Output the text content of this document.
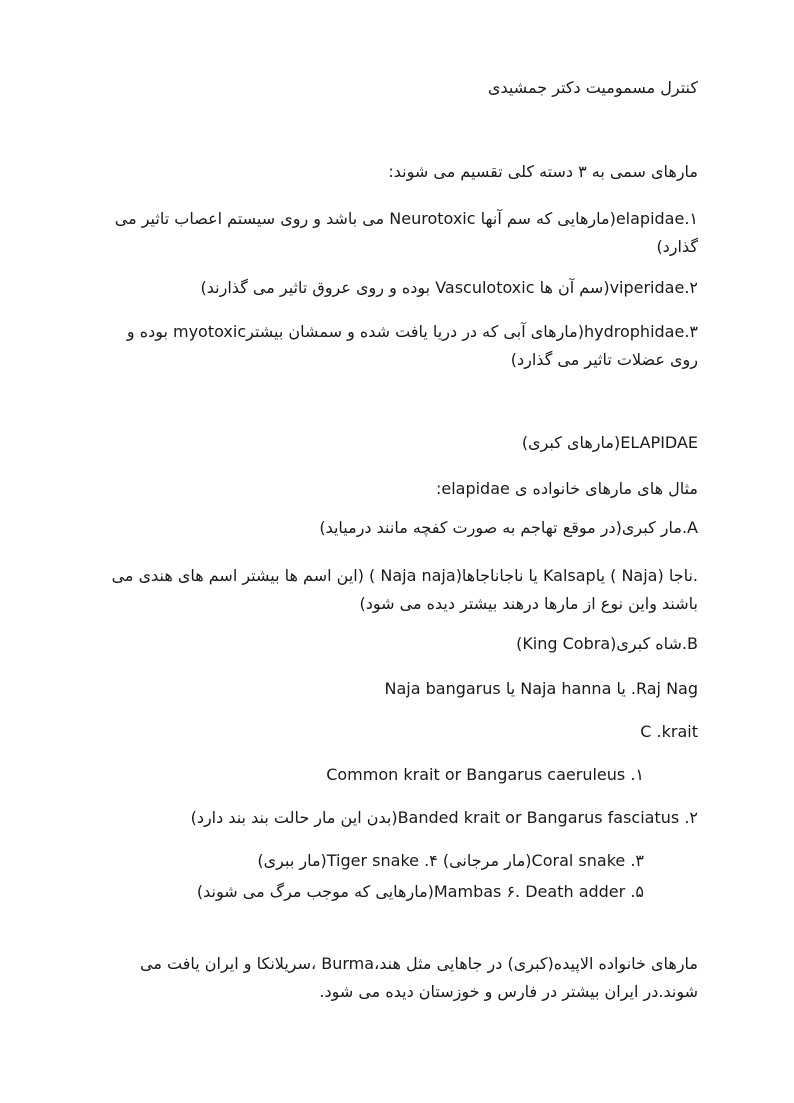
کنترل مسمومیت دکتر جمشیدی
مارهای سمی به ۳ دسته کلی تقسیم می شوند:
۱.elapidae(مارهایی که سم آنها Neurotoxic می باشد و روی سیستم اعصاب تاثیر می گذارد)
۲.viperidae(سم آن ها Vasculotoxic بوده و روی عروق تاثیر می گذارند)
۳.hydrophidae(مارهای آبی که در دریا یافت شده و سمشان بیشترmyotoxic بوده و روی عضلات تاثیر می گذارد)
ELAPIDAE(مارهای کبری)
مثال های مارهای خانواده ی elapidae:
A.مار کبری(در موقع تهاجم به صورت کفچه مانند درمیاید)
.ناجا (Naja ) یاKalsap یا ناجاناجاها(Naja naja ) (این اسم ها بیشتر اسم های هندی می باشند واین نوع از مارها درهند بیشتر دیده می شود)
B.شاه کبری(King Cobra)
Raj Nag. یا Naja hanna یا Naja bangarus
C .krait
۱. Common krait or Bangarus caeruleus
۲. Banded krait or Bangarus fasciatus(بدن این مار حالت بند بند دارد)
۳. Coral snake(مار مرجانی) ۴. Tiger snake(مار ببری)
۵. Mambas ۶. Death adder(مارهایی که موجب مرگ می شوند)
مارهای خانواده الاپیده(کبری) در جاهایی مثل هند،Burma ،سریلانکا و ایران یافت می شوند.در ایران بیشتر در فارس و خوزستان دیده می شود.
